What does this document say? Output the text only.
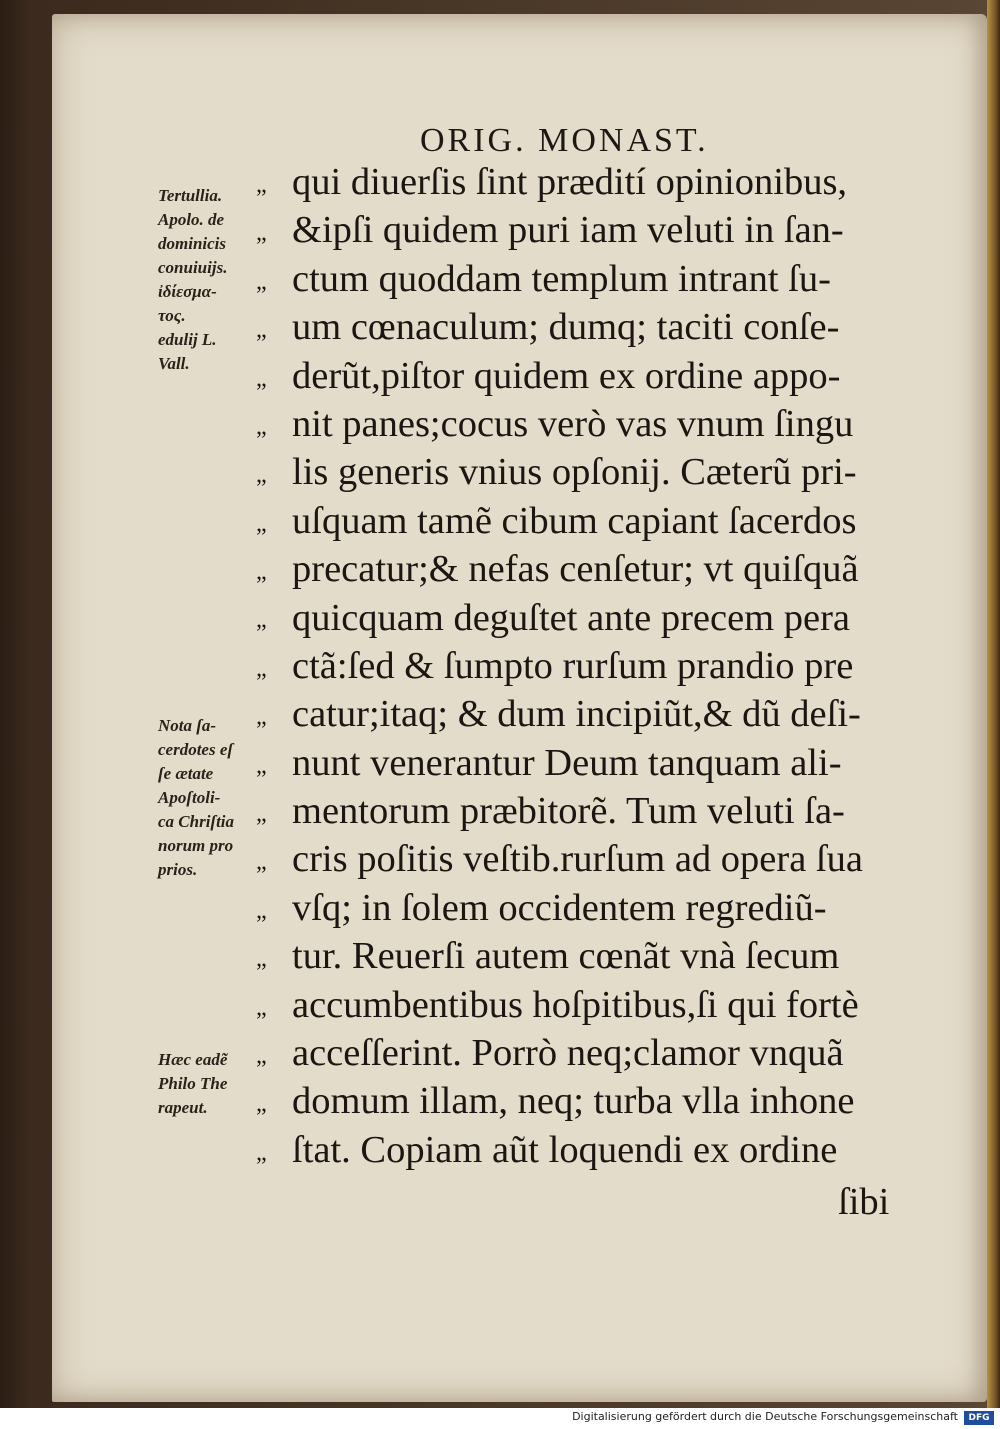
ORIG. MONAST.
„ qui diuerſis ſint prædití opinionibus,
„ &ipſi quidem puri iam veluti in ſan-
„ ctum quoddam templum intrant ſu-
„ um cœnaculum; dumq; taciti conſe-
„ derũt,piſtor quidem ex ordine appo-
„ nit panes;cocus verò vas vnum ſingu
„ lis generis vnius opſonij. Cæterũ pri-
„ uſquam tamẽ cibum capiant ſacerdos
„ precatur;& nefas cenſetur; vt quiſquã
„ quicquam deguſtet ante precem pera
„ ctã:ſed & ſumpto rurſum prandio pre
„ catur;itaq; & dum incipiũt,& dũ deſi-
„ nunt venerantur Deum tanquam ali-
„ mentorum præbitorẽ. Tum veluti ſa-
„ cris poſitis veſtib.rurſum ad opera ſua
„ vſq; in ſolem occidentem regrediũ-
„ tur. Reuerſi autem cœnãt vnà ſecum
„ accumbentibus hoſpitibus,ſi qui fortè
„ acceſſerint. Porrò neq;clamor vnquã
„ domum illam, neq; turba vlla inhone
„ ſtat. Copiam aũt loquendi ex ordine
ſibi
Tertullia.
Apolo. de
dominicis
conuiuijs.
ἰδίεσμα-
τος.
edulij L.
Vall.
Nota ſa-
cerdotes eſ
ſe ætate
Apoſtoli-
ca Chriſtia
norum pro
prios.
Hæc eadẽ
Philo The
rapeut.
Digitalisierung gefördert durch die Deutsche Forschungsgemeinschaft	DFG
